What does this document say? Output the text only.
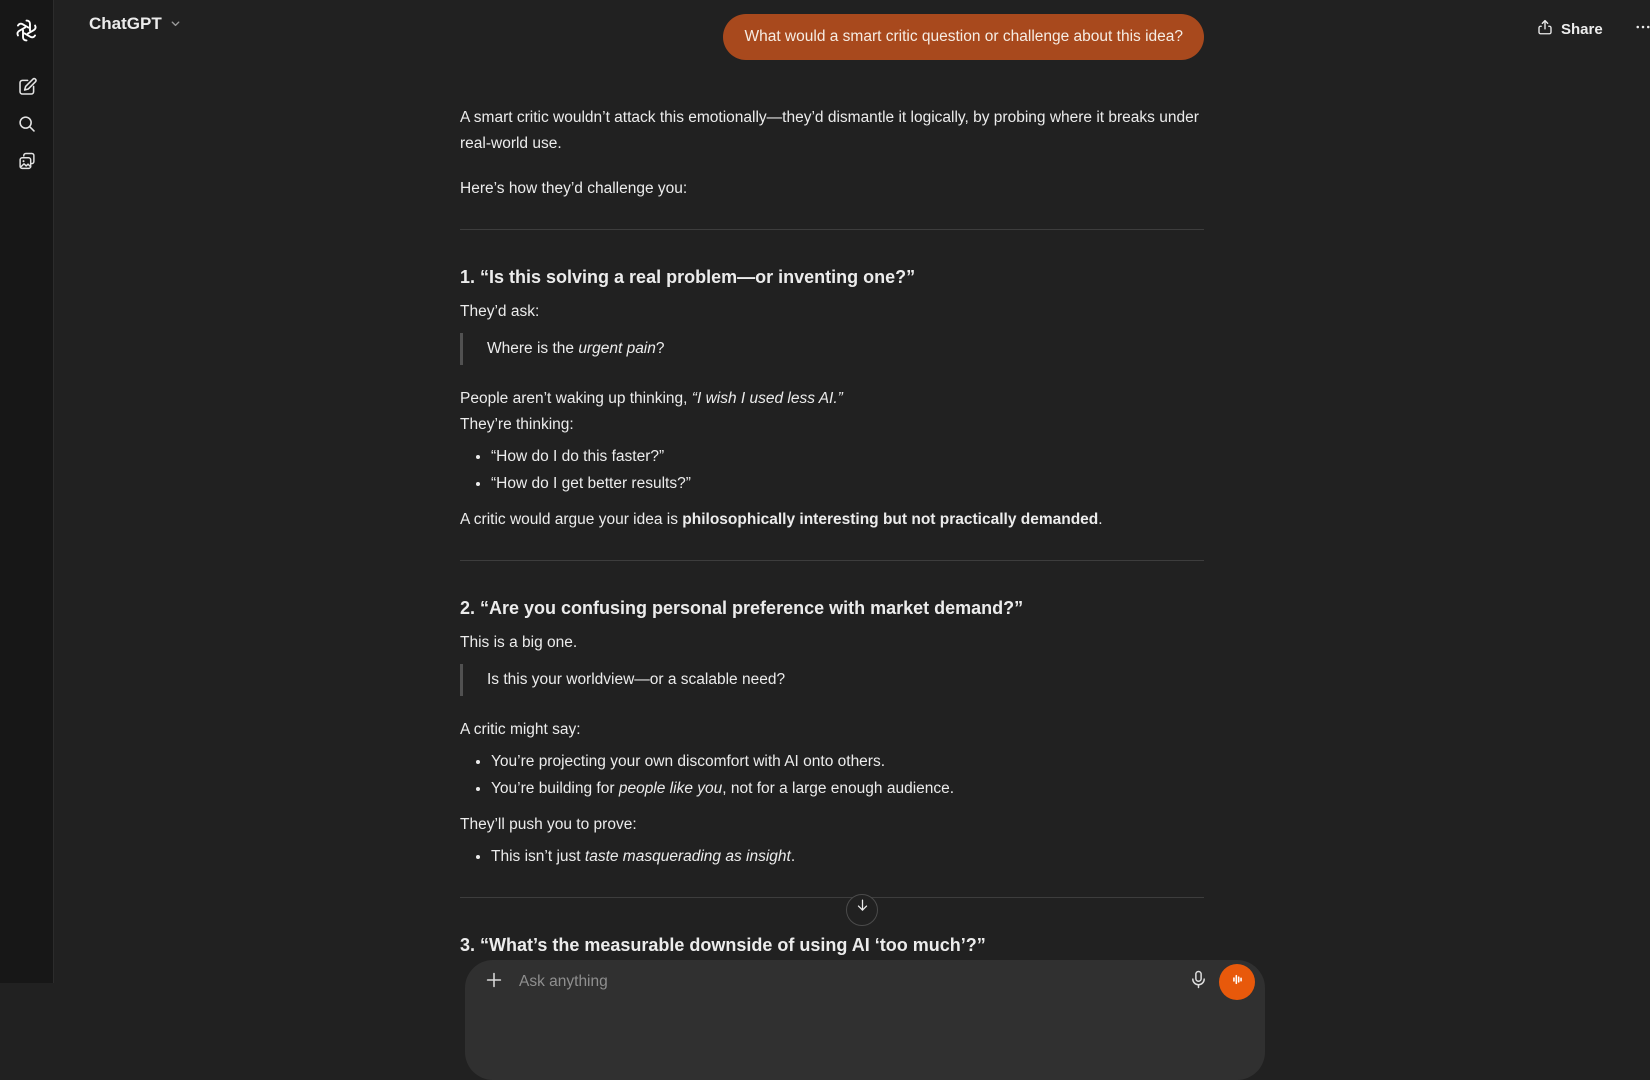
ChatGPT	Share
What would a smart critic question or challenge about this idea?

A smart critic wouldn’t attack this emotionally—they’d dismantle it logically, by probing where it breaks under real-world use.

Here’s how they’d challenge you:

1. “Is this solving a real problem—or inventing one?”

They’d ask:

Where is the urgent pain?

People aren’t waking up thinking, “I wish I used less AI.”
They’re thinking:

• “How do I do this faster?”
• “How do I get better results?”

A critic would argue your idea is philosophically interesting but not practically demanded.

2. “Are you confusing personal preference with market demand?”

This is a big one.

Is this your worldview—or a scalable need?

A critic might say:

• You’re projecting your own discomfort with AI onto others.
• You’re building for people like you, not for a large enough audience.

They’ll push you to prove:

• This isn’t just taste masquerading as insight.
3. “What’s the measurable downside of using AI ‘too much’?”
Ask anything
